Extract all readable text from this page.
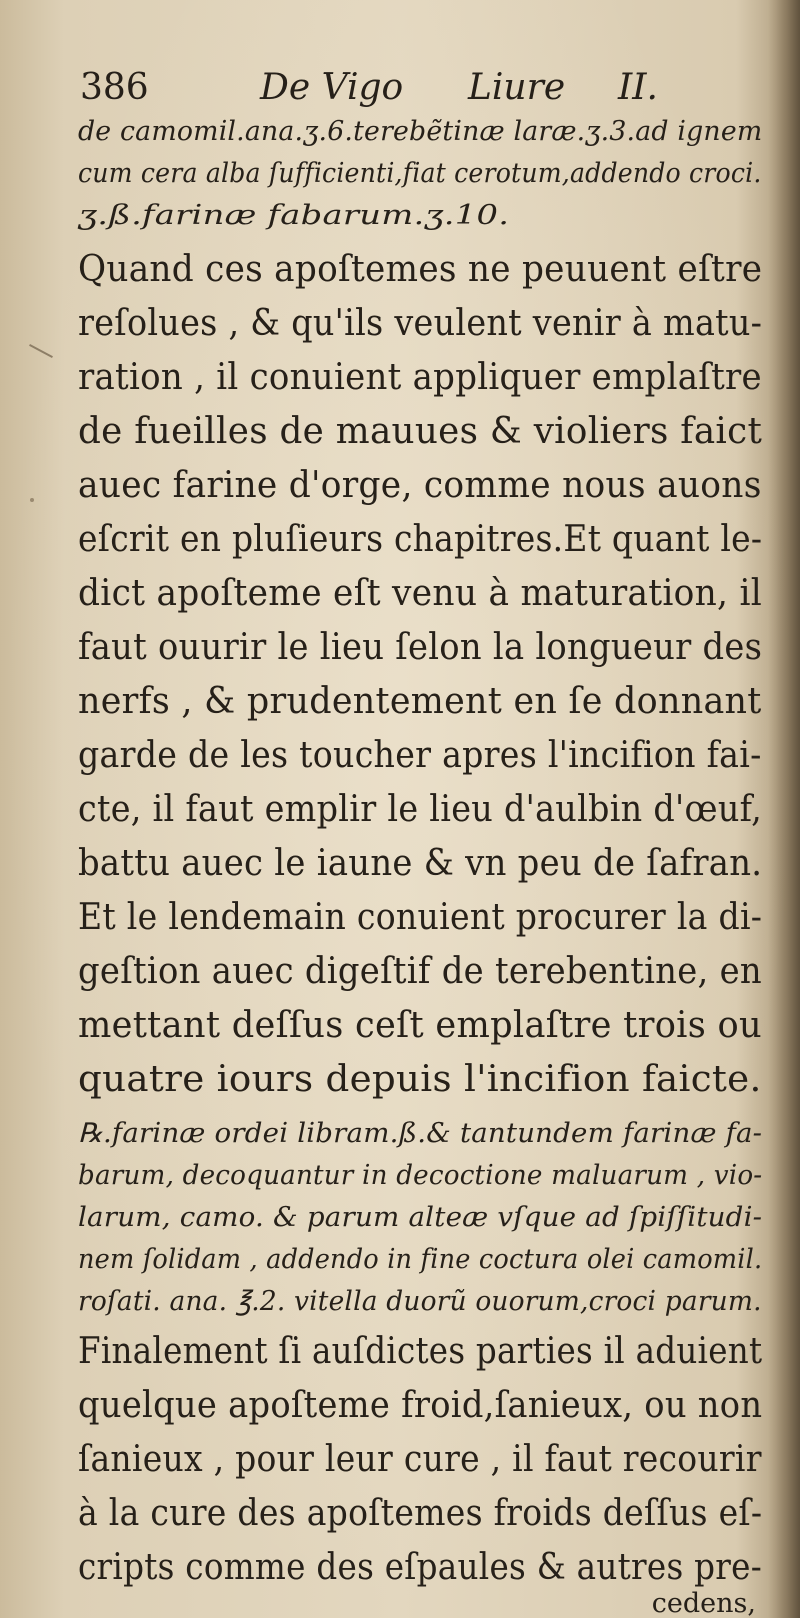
386	De Vigo Liure II.
de camomil.ana.ʒ.6.terebẽtinæ laræ.ʒ.3.ad ignem
cum cera alba ſufficienti,fiat cerotum,addendo croci.
ʒ.ß.farinæ fabarum.ʒ.10.
Quand ces apoſtemes ne peuuent eſtre
reſolues , & qu'ils veulent venir à matu-
ration , il conuient appliquer emplaſtre
de fueilles de mauues & violiers faict
auec farine d'orge, comme nous auons
eſcrit en pluſieurs chapitres.Et quant le-
dict apoſteme eſt venu à maturation, il
faut ouurir le lieu ſelon la longueur des
nerfs , & prudentement en ſe donnant
garde de les toucher apres l'incifion fai-
cte, il faut emplir le lieu d'aulbin d'œuf,
battu auec le iaune & vn peu de ſafran.
Et le lendemain conuient procurer la di-
geſtion auec digeſtif de terebentine, en
mettant deſſus ceſt emplaſtre trois ou
quatre iours depuis l'incifion faicte.
℞.farinæ ordei libram.ß.& tantundem farinæ fa-
barum, decoquantur in decoctione maluarum , vio-
larum, camo. & parum alteæ vſque ad ſpiſſitudi-
nem ſolidam , addendo in fine coctura olei camomil.
roſati. ana. ℥.2. vitella duorũ ouorum,croci parum.
Finalement ſi auſdictes parties il aduient
quelque apoſteme froid,ſanieux, ou non
ſanieux , pour leur cure , il faut recourir
à la cure des apoſtemes froids deſſus eſ-
cripts comme des eſpaules & autres pre-
cedens,
